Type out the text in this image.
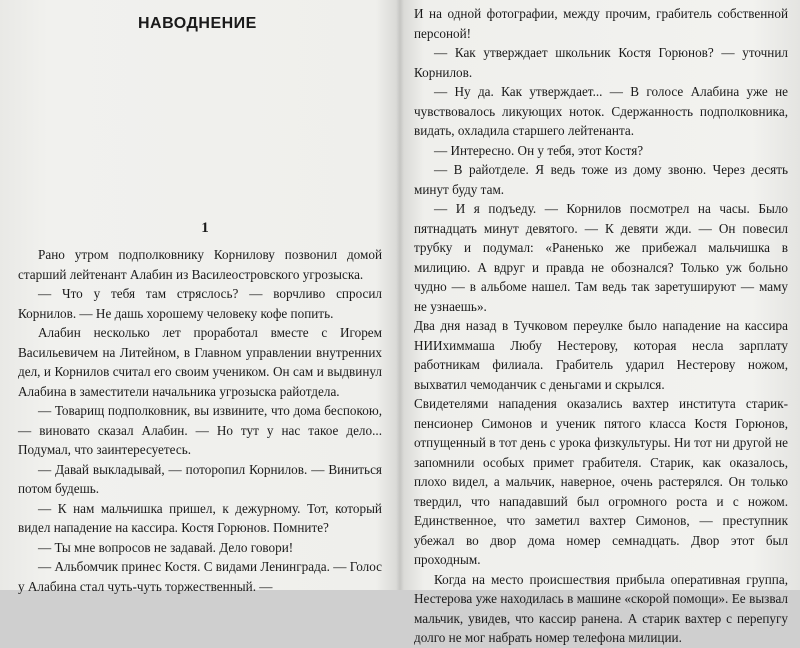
НАВОДНЕНИЕ
1

Рано утром подполковнику Корнилову позвонил домой старший лейтенант Алабин из Василеостровского угрозыска.

— Что у тебя там стряслось? — ворчливо спросил Корнилов. — Не дашь хорошему человеку кофе попить.

Алабин несколько лет проработал вместе с Игорем Васильевичем на Литейном, в Главном управлении внутренних дел, и Корнилов считал его своим учеником. Он сам и выдвинул Алабина в заместители начальника угрозыска райотдела.

— Товарищ подполковник, вы извините, что дома беспокою, — виновато сказал Алабин. — Но тут у нас такое дело... Подумал, что заинтересуетесь.

— Давай выкладывай, — поторопил Корнилов. — Виниться потом будешь.

— К нам мальчишка пришел, к дежурному. Тот, который видел нападение на кассира. Костя Горюнов. Помните?

— Ты мне вопросов не задавай. Дело говори!

— Альбомчик принес Костя. С видами Ленинграда. — Голос у Алабина стал чуть-чуть торжественный. —

И на одной фотографии, между прочим, грабитель собственной персоной!

— Как утверждает школьник Костя Горюнов? — уточнил Корнилов.

— Ну да. Как утверждает... — В голосе Алабина уже не чувствовалось ликующих ноток. Сдержанность подполковника, видать, охладила старшего лейтенанта.

— Интересно. Он у тебя, этот Костя?

— В райотделе. Я ведь тоже из дому звоню. Через десять минут буду там.

— И я подъеду. — Корнилов посмотрел на часы. Было пятнадцать минут девятого. — К девяти жди. — Он повесил трубку и подумал: «Раненько же прибежал мальчишка в милицию. А вдруг и правда не обознался? Только уж больно чудно — в альбоме нашел. Там ведь так зaретушируют — маму не узнаешь».

Два дня назад в Тучковом переулке было нападение на кассира НИИхиммаша Любу Нестерову, которая несла зарплату работникам филиала. Грабитель ударил Нестерову ножом, выхватил чемоданчик с деньгами и скрылся.

Свидетелями нападения оказались вахтер института старик-пенсионер Симонов и ученик пятого класса Костя Горюнов, отпущенный в тот день с урока физкультуры. Ни тот ни другой не запомнили особых примет грабителя. Старик, как оказалось, плохо видел, а мальчик, наверное, очень растерялся. Он только твердил, что нападавший был огромного роста и с ножом. Единственное, что заметил вахтер Симонов, — преступник убежал во двор дома номер семнадцать. Двор этот был проходным.

Когда на место происшествия прибыла оперативная группа, Нестерова уже находилась в машине «скорой помощи». Ее вызвал мальчик, увидев, что кассир ранена. А старик вахтер с перепугу долго не мог набрать номер телефона милиции.
